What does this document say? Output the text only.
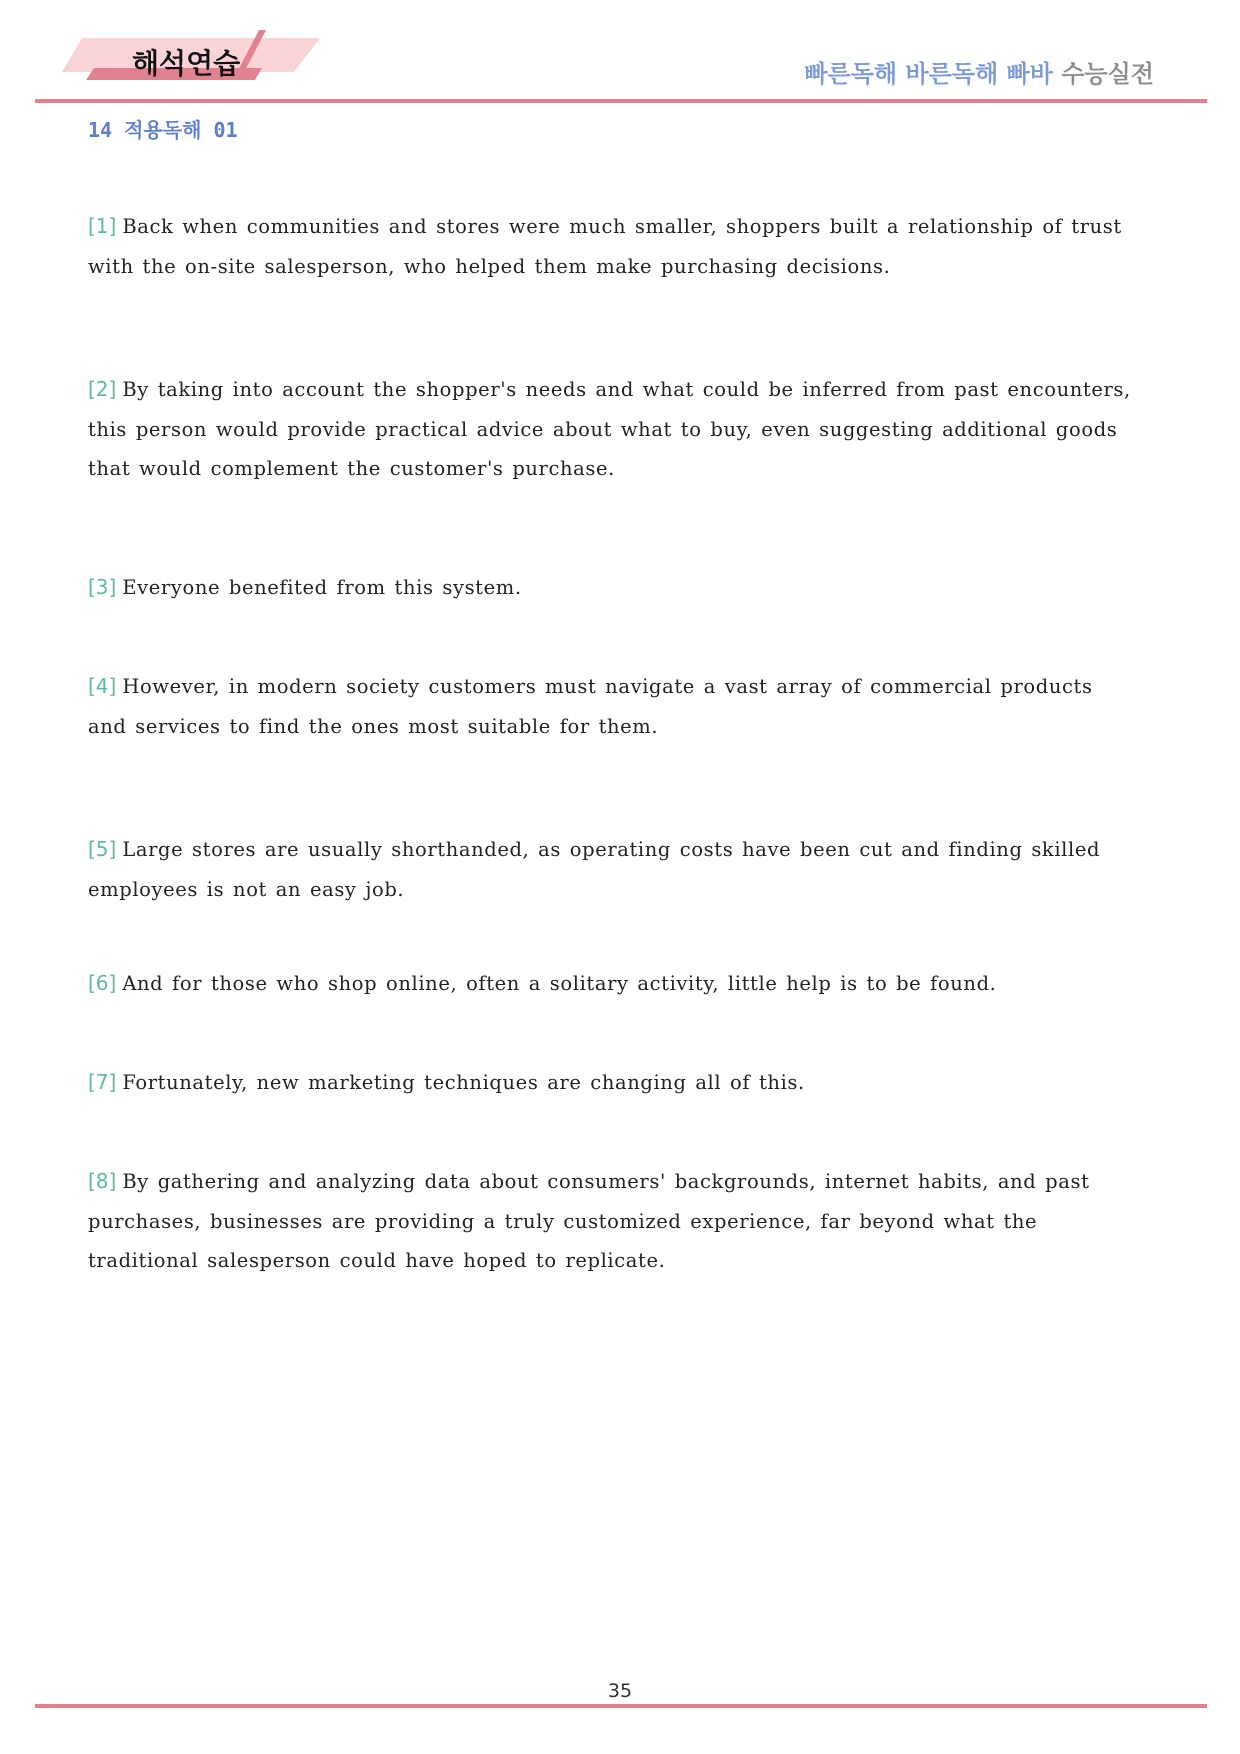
해석연습	빠른독해 바른독해 빠바 수능실전
14 적용독해 01
[1] Back when communities and stores were much smaller, shoppers built a relationship of trust with the on-site salesperson, who helped them make purchasing decisions.
[2] By taking into account the shopper's needs and what could be inferred from past encounters, this person would provide practical advice about what to buy, even suggesting additional goods that would complement the customer's purchase.
[3] Everyone benefited from this system.
[4] However, in modern society customers must navigate a vast array of commercial products and services to find the ones most suitable for them.
[5] Large stores are usually shorthanded, as operating costs have been cut and finding skilled employees is not an easy job.
[6] And for those who shop online, often a solitary activity, little help is to be found.
[7] Fortunately, new marketing techniques are changing all of this.
[8] By gathering and analyzing data about consumers' backgrounds, internet habits, and past purchases, businesses are providing a truly customized experience, far beyond what the traditional salesperson could have hoped to replicate.
35
